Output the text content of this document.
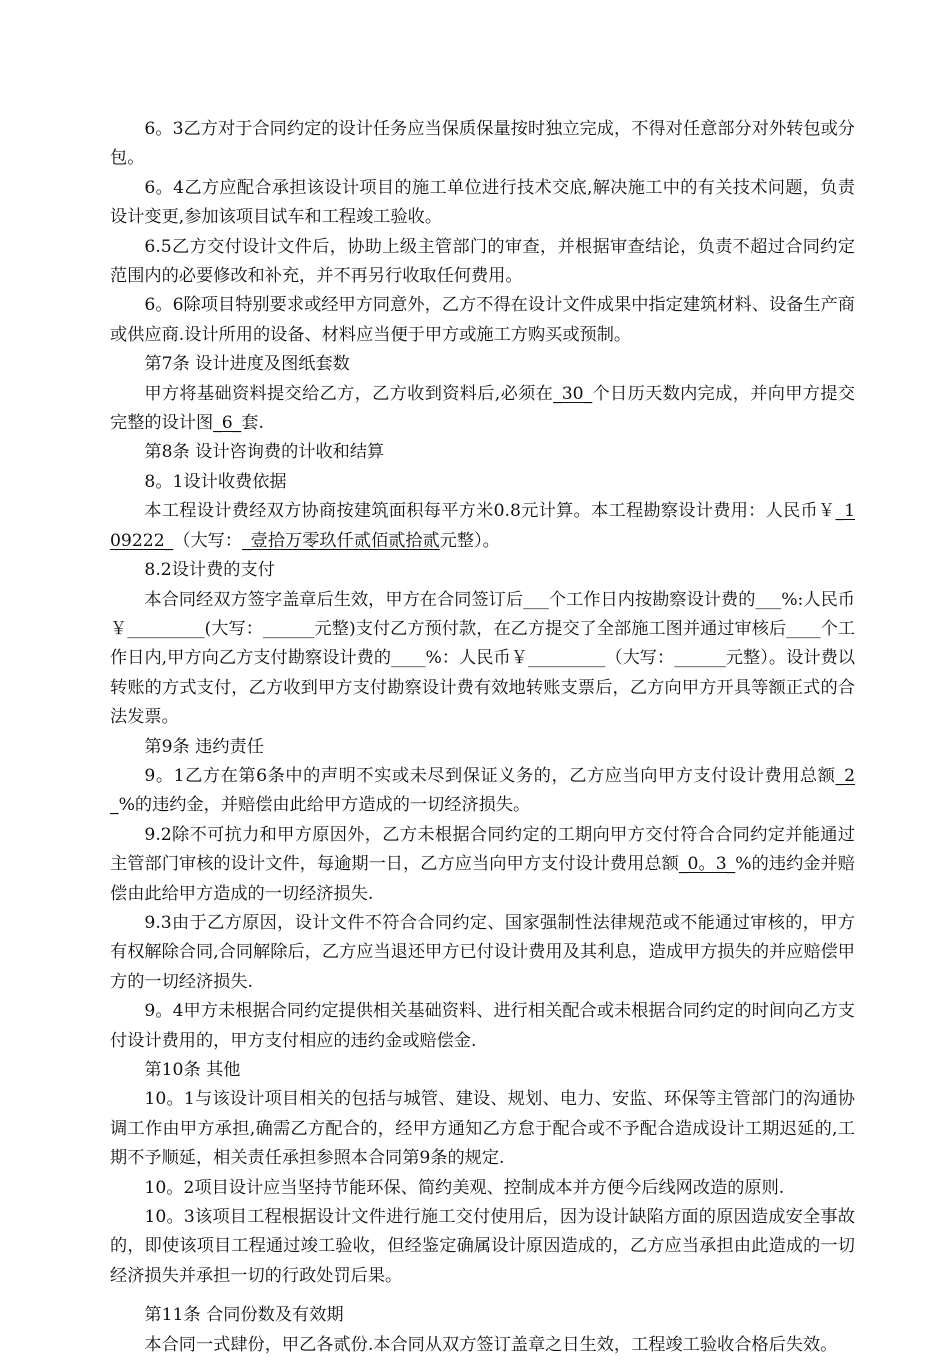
6。3乙方对于合同约定的设计任务应当保质保量按时独立完成，不得对任意部分对外转包或分包。

6。4乙方应配合承担该设计项目的施工单位进行技术交底,解决施工中的有关技术问题，负责设计变更,参加该项目试车和工程竣工验收。

6.5乙方交付设计文件后，协助上级主管部门的审查，并根据审查结论，负责不超过合同约定范围内的必要修改和补充，并不再另行收取任何费用。

6。6除项目特别要求或经甲方同意外，乙方不得在设计文件成果中指定建筑材料、设备生产商或供应商.设计所用的设备、材料应当便于甲方或施工方购买或预制。

第7条 设计进度及图纸套数

甲方将基础资料提交给乙方，乙方收到资料后,必须在_30_个日历天数内完成，并向甲方提交完整的设计图_6_套.

第8条 设计咨询费的计收和结算

8。1设计收费依据

本工程设计费经双方协商按建筑面积每平方米0.8元计算。本工程勘察设计费用：人民币￥_109222_（大写：_壹拾万零玖仟贰佰贰拾贰元整）。

8.2设计费的支付

本合同经双方签字盖章后生效，甲方在合同签订后___个工作日内按勘察设计费的___%:人民币￥_________(大写：______元整)支付乙方预付款，在乙方提交了全部施工图并通过审核后____个工作日内,甲方向乙方支付勘察设计费的____%：人民币￥_________（大写：______元整）。设计费以转账的方式支付，乙方收到甲方支付勘察设计费有效地转账支票后，乙方向甲方开具等额正式的合法发票。

第9条 违约责任

9。1乙方在第6条中的声明不实或未尽到保证义务的，乙方应当向甲方支付设计费用总额_2_%的违约金，并赔偿由此给甲方造成的一切经济损失。

9.2除不可抗力和甲方原因外，乙方未根据合同约定的工期向甲方交付符合合同约定并能通过主管部门审核的设计文件，每逾期一日，乙方应当向甲方支付设计费用总额_0。3_%的违约金并赔偿由此给甲方造成的一切经济损失.

9.3由于乙方原因，设计文件不符合合同约定、国家强制性法律规范或不能通过审核的，甲方有权解除合同,合同解除后，乙方应当退还甲方已付设计费用及其利息，造成甲方损失的并应赔偿甲方的一切经济损失.

9。4甲方未根据合同约定提供相关基础资料、进行相关配合或未根据合同约定的时间向乙方支付设计费用的，甲方支付相应的违约金或赔偿金.

第10条 其他

10。1与该设计项目相关的包括与城管、建设、规划、电力、安监、环保等主管部门的沟通协调工作由甲方承担,确需乙方配合的，经甲方通知乙方怠于配合或不予配合造成设计工期迟延的,工期不予顺延，相关责任承担参照本合同第9条的规定.

10。2项目设计应当坚持节能环保、简约美观、控制成本并方便今后线网改造的原则.

10。3该项目工程根据设计文件进行施工交付使用后，因为设计缺陷方面的原因造成安全事故的，即使该项目工程通过竣工验收，但经鉴定确属设计原因造成的，乙方应当承担由此造成的一切经济损失并承担一切的行政处罚后果。

第11条 合同份数及有效期

本合同一式肆份，甲乙各贰份.本合同从双方签订盖章之日生效，工程竣工验收合格后失效。
